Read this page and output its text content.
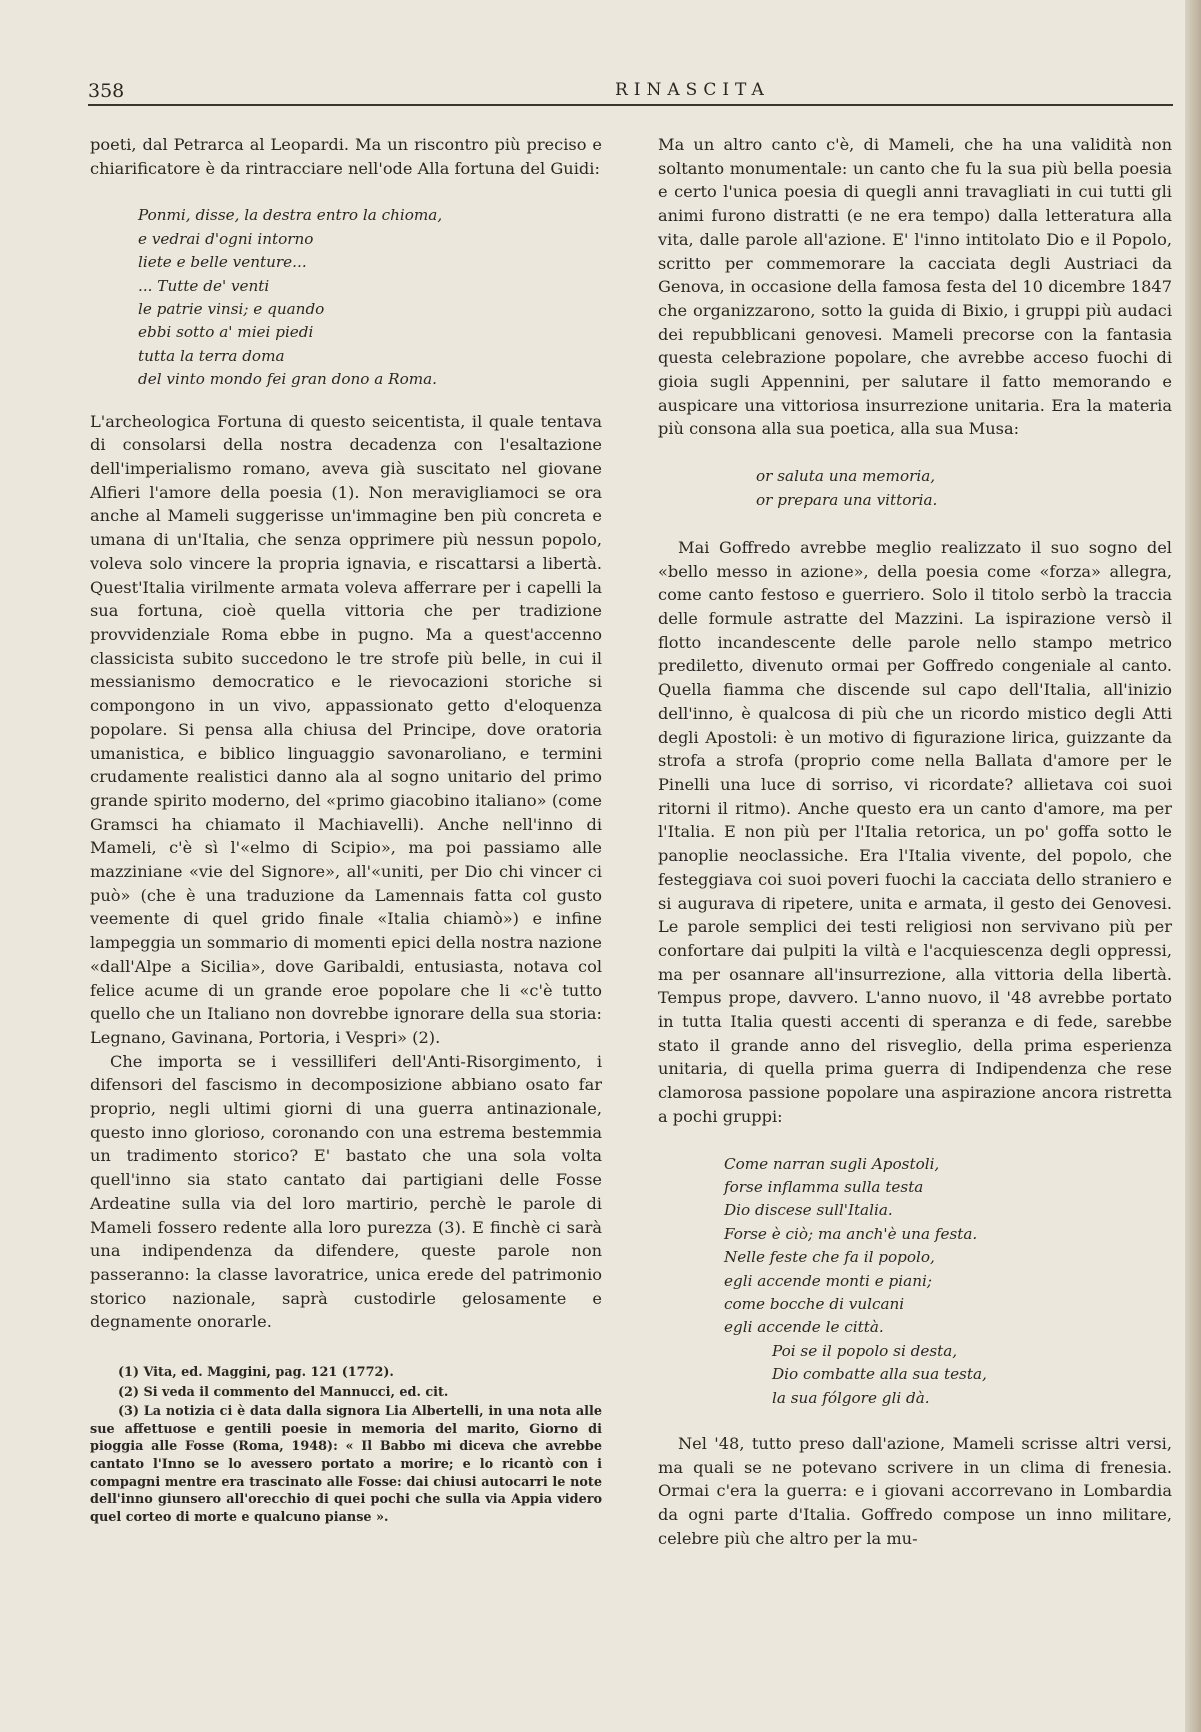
358	RINASCITA

poeti, dal Petrarca al Leopardi. Ma un riscontro più preciso e chiarificatore è da rintracciare nell'ode Alla fortuna del Guidi:

Ponmi, disse, la destra entro la chioma,
e vedrai d'ogni intorno
liete e belle venture...
... Tutte de' venti
le patrie vinsi; e quando
ebbi sotto a' miei piedi
tutta la terra doma
del vinto mondo fei gran dono a Roma.

L'archeologica Fortuna di questo seicentista, il quale tentava di consolarsi della nostra decadenza con l'esaltazione dell'imperialismo romano, aveva già suscitato nel giovane Alfieri l'amore della poesia (1). Non meravigliamoci se ora anche al Mameli suggerisse un'immagine ben più concreta e umana di un'Italia, che senza opprimere più nessun popolo, voleva solo vincere la propria ignavia, e riscattarsi a libertà. Quest'Italia virilmente armata voleva afferrare per i capelli la sua fortuna, cioè quella vittoria che per tradizione provvidenziale Roma ebbe in pugno. Ma a quest'accenno classicista subito succedono le tre strofe più belle, in cui il messianismo democratico e le rievocazioni storiche si compongono in un vivo, appassionato getto d'eloquenza popolare. Si pensa alla chiusa del Principe, dove oratoria umanistica, e biblico linguaggio savonaroliano, e termini crudamente realistici danno ala al sogno unitario del primo grande spirito moderno, del «primo giacobino italiano» (come Gramsci ha chiamato il Machiavelli). Anche nell'inno di Mameli, c'è sì l'«elmo di Scipio», ma poi passiamo alle mazziniane «vie del Signore», all'«uniti, per Dio chi vincer ci può» (che è una traduzione da Lamennais fatta col gusto veemente di quel grido finale «Italia chiamò») e infine lampeggia un sommario di momenti epici della nostra nazione «dall'Alpe a Sicilia», dove Garibaldi, entusiasta, notava col felice acume di un grande eroe popolare che li «c'è tutto quello che un Italiano non dovrebbe ignorare della sua storia: Legnano, Gavinana, Portoria, i Vespri» (2).

Che importa se i vessilliferi dell'Anti-Risorgimento, i difensori del fascismo in decomposizione abbiano osato far proprio, negli ultimi giorni di una guerra antinazionale, questo inno glorioso, coronando con una estrema bestemmia un tradimento storico? E' bastato che una sola volta quell'inno sia stato cantato dai partigiani delle Fosse Ardeatine sulla via del loro martirio, perchè le parole di Mameli fossero redente alla loro purezza (3). E finchè ci sarà una indipendenza da difendere, queste parole non passeranno: la classe lavoratrice, unica erede del patrimonio storico nazionale, saprà custodirle gelosamente e degnamente onorarle.

(1) Vita, ed. Maggini, pag. 121 (1772).
(2) Si veda il commento del Mannucci, ed. cit.
(3) La notizia ci è data dalla signora Lia Albertelli, in una nota alle sue affettuose e gentili poesie in memoria del marito, Giorno di pioggia alle Fosse (Roma, 1948): « Il Babbo mi diceva che avrebbe cantato l'Inno se lo avessero portato a morire; e lo ricantò con i compagni mentre era trascinato alle Fosse: dai chiusi autocarri le note dell'inno giunsero all'orecchio di quei pochi che sulla via Appia videro quel corteo di morte e qualcuno pianse ».

Ma un altro canto c'è, di Mameli, che ha una validità non soltanto monumentale: un canto che fu la sua più bella poesia e certo l'unica poesia di quegli anni travagliati in cui tutti gli animi furono distratti (e ne era tempo) dalla letteratura alla vita, dalle parole all'azione. E' l'inno intitolato Dio e il Popolo, scritto per commemorare la cacciata degli Austriaci da Genova, in occasione della famosa festa del 10 dicembre 1847 che organizzarono, sotto la guida di Bixio, i gruppi più audaci dei repubblicani genovesi. Mameli precorse con la fantasia questa celebrazione popolare, che avrebbe acceso fuochi di gioia sugli Appennini, per salutare il fatto memorando e auspicare una vittoriosa insurrezione unitaria. Era la materia più consona alla sua poetica, alla sua Musa:

or saluta una memoria,
or prepara una vittoria.

Mai Goffredo avrebbe meglio realizzato il suo sogno del «bello messo in azione», della poesia come «forza» allegra, come canto festoso e guerriero. Solo il titolo serbò la traccia delle formule astratte del Mazzini. La ispirazione versò il flotto incandescente delle parole nello stampo metrico prediletto, divenuto ormai per Goffredo congeniale al canto. Quella fiamma che discende sul capo dell'Italia, all'inizio dell'inno, è qualcosa di più che un ricordo mistico degli Atti degli Apostoli: è un motivo di figurazione lirica, guizzante da strofa a strofa (proprio come nella Ballata d'amore per le Pinelli una luce di sorriso, vi ricordate? allietava coi suoi ritorni il ritmo). Anche questo era un canto d'amore, ma per l'Italia. E non più per l'Italia retorica, un po' goffa sotto le panoplie neoclassiche. Era l'Italia vivente, del popolo, che festeggiava coi suoi poveri fuochi la cacciata dello straniero e si augurava di ripetere, unita e armata, il gesto dei Genovesi. Le parole semplici dei testi religiosi non servivano più per confortare dai pulpiti la viltà e l'acquiescenza degli oppressi, ma per osannare all'insurrezione, alla vittoria della libertà. Tempus prope, davvero. L'anno nuovo, il '48 avrebbe portato in tutta Italia questi accenti di speranza e di fede, sarebbe stato il grande anno del risveglio, della prima esperienza unitaria, di quella prima guerra di Indipendenza che rese clamorosa passione popolare una aspirazione ancora ristretta a pochi gruppi:

Come narran sugli Apostoli,
forse inflamma sulla testa
Dio discese sull'Italia.
Forse è ciò; ma anch'è una festa.
Nelle feste che fa il popolo,
egli accende monti e piani;
come bocche di vulcani
egli accende le città.
Poi se il popolo si desta,
Dio combatte alla sua testa,
la sua fólgore gli dà.

Nel '48, tutto preso dall'azione, Mameli scrisse altri versi, ma quali se ne potevano scrivere in un clima di frenesia. Ormai c'era la guerra: e i giovani accorrevano in Lombardia da ogni parte d'Italia. Goffredo compose un inno militare, celebre più che altro per la mu-
